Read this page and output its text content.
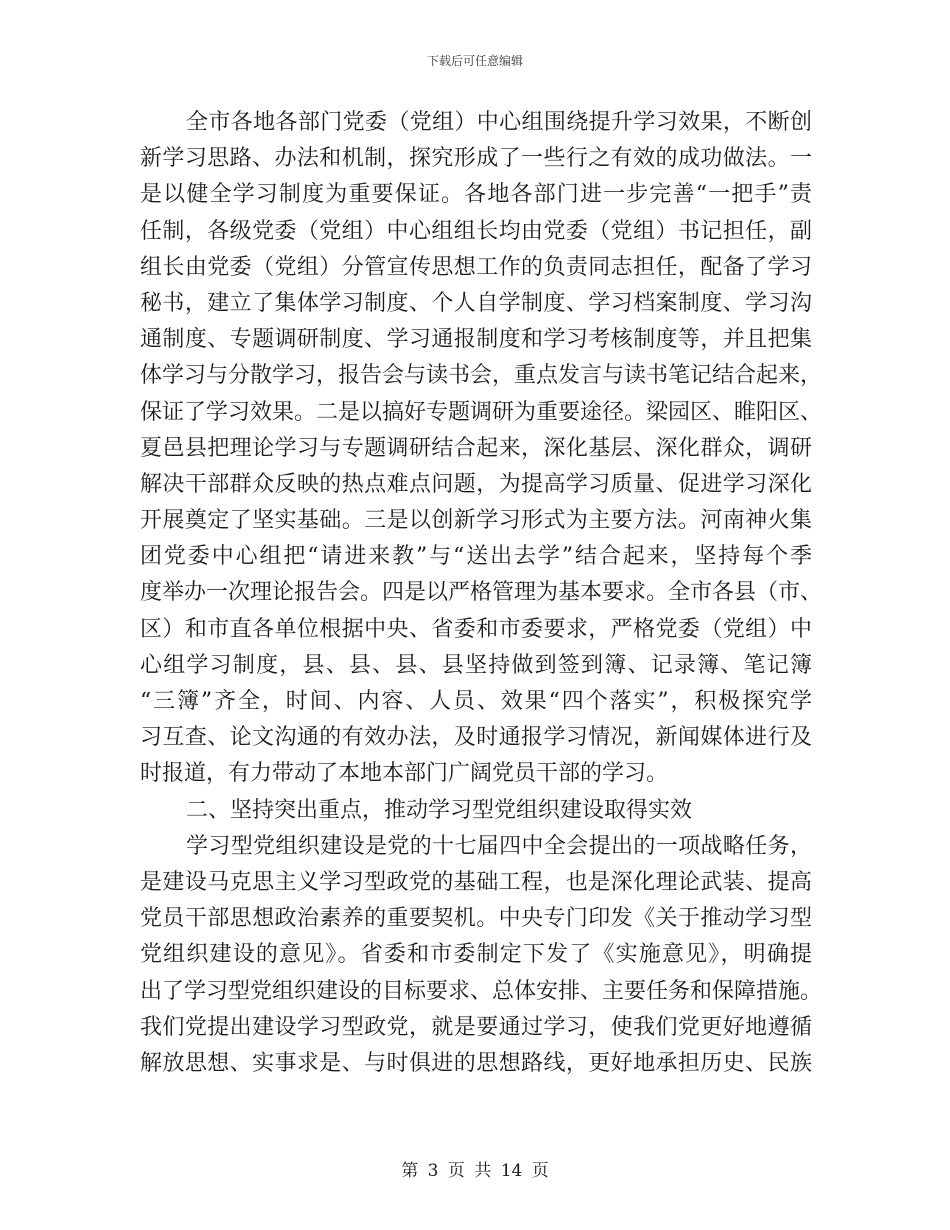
下载后可任意编辑
全市各地各部门党委（党组）中心组围绕提升学习效果，不断创
新学习思路、办法和机制，探究形成了一些行之有效的成功做法。一
是以健全学习制度为重要保证。各地各部门进一步完善“一把手”责
任制，各级党委（党组）中心组组长均由党委（党组）书记担任，副
组长由党委（党组）分管宣传思想工作的负责同志担任，配备了学习
秘书，建立了集体学习制度、个人自学制度、学习档案制度、学习沟
通制度、专题调研制度、学习通报制度和学习考核制度等，并且把集
体学习与分散学习，报告会与读书会，重点发言与读书笔记结合起来，
保证了学习效果。二是以搞好专题调研为重要途径。梁园区、睢阳区、
夏邑县把理论学习与专题调研结合起来，深化基层、深化群众，调研
解决干部群众反映的热点难点问题，为提高学习质量、促进学习深化
开展奠定了坚实基础。三是以创新学习形式为主要方法。河南神火集
团党委中心组把“请进来教”与“送出去学”结合起来，坚持每个季
度举办一次理论报告会。四是以严格管理为基本要求。全市各县（市、
区）和市直各单位根据中央、省委和市委要求，严格党委（党组）中
心组学习制度，县、县、县、县坚持做到签到簿、记录簿、笔记簿
“三簿”齐全，时间、内容、人员、效果“四个落实”，积极探究学
习互查、论文沟通的有效办法，及时通报学习情况，新闻媒体进行及
时报道，有力带动了本地本部门广阔党员干部的学习。
二、坚持突出重点，推动学习型党组织建设取得实效
学习型党组织建设是党的十七届四中全会提出的一项战略任务，
是建设马克思主义学习型政党的基础工程，也是深化理论武装、提高
党员干部思想政治素养的重要契机。中央专门印发《关于推动学习型
党组织建设的意见》。省委和市委制定下发了《实施意见》，明确提
出了学习型党组织建设的目标要求、总体安排、主要任务和保障措施。
我们党提出建设学习型政党，就是要通过学习，使我们党更好地遵循
解放思想、实事求是、与时俱进的思想路线，更好地承担历史、民族
第 3 页 共 14 页
